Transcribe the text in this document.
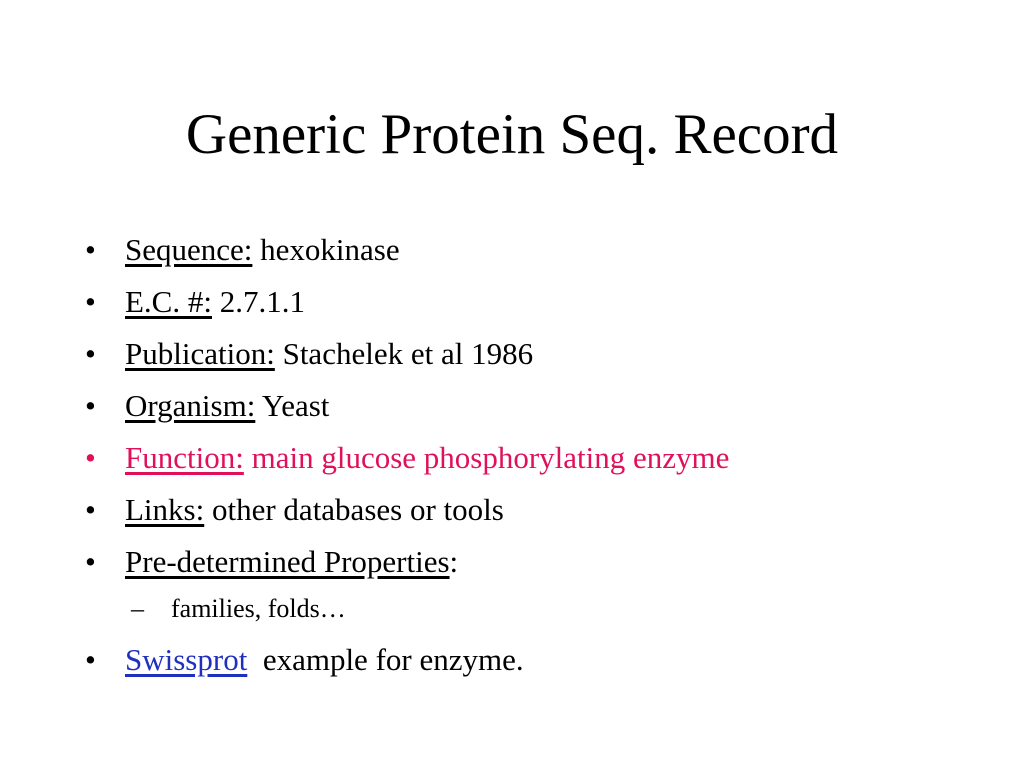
Generic Protein Seq. Record
• Sequence: hexokinase
• E.C. #: 2.7.1.1
• Publication: Stachelek et al 1986
• Organism: Yeast
• Function: main glucose phosphorylating enzyme
• Links: other databases or tools
• Pre-determined Properties:
– families, folds…
• Swissprot  example for enzyme.
